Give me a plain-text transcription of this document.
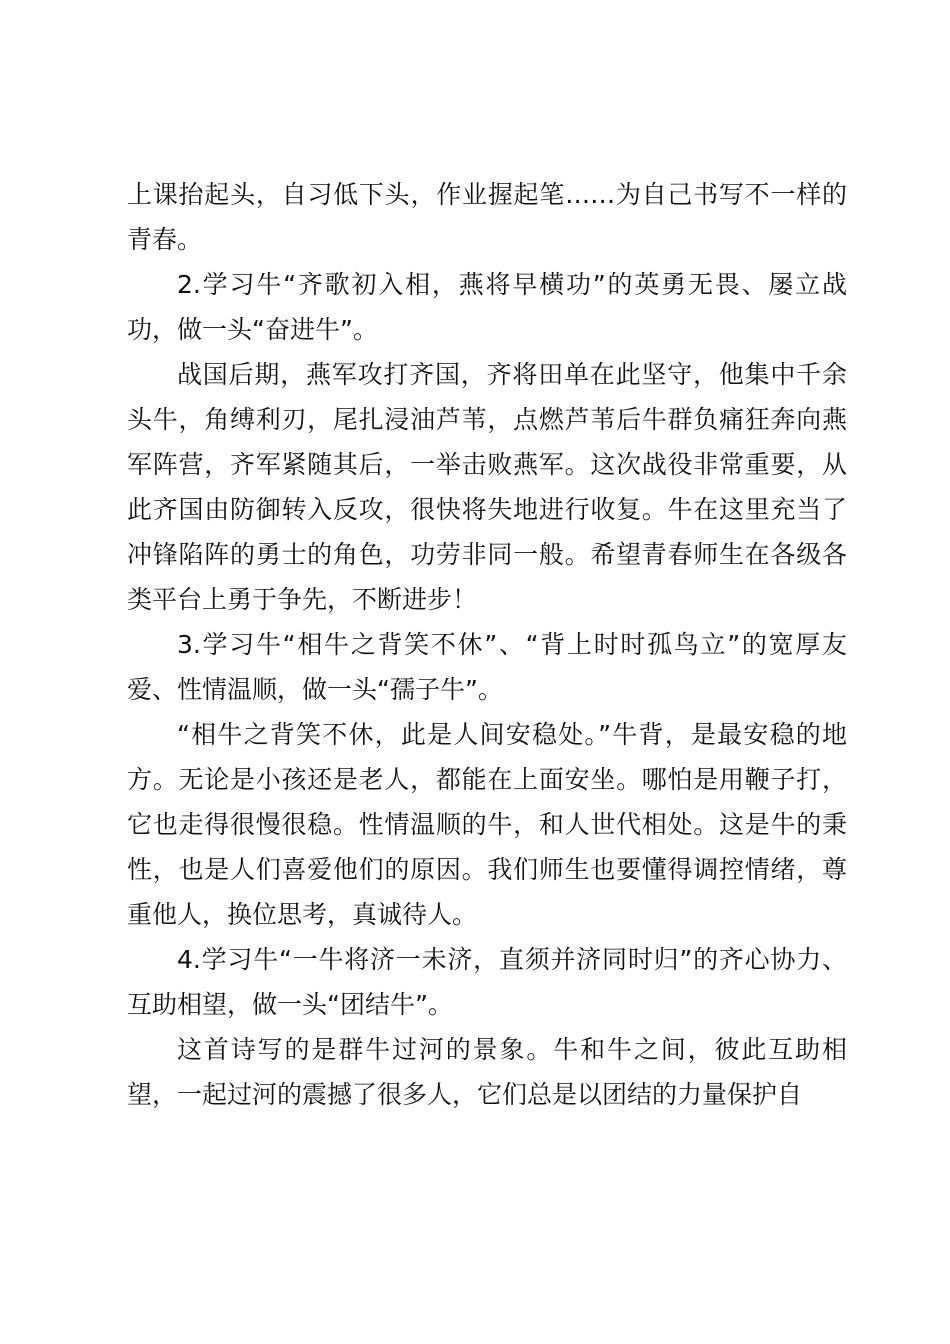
上课抬起头，自习低下头，作业握起笔……为自己书写不一样的青春。

2.学习牛“齐歌初入相，燕将早横功”的英勇无畏、屡立战功，做一头“奋进牛”。

战国后期，燕军攻打齐国，齐将田单在此坚守，他集中千余头牛，角缚利刃，尾扎浸油芦苇，点燃芦苇后牛群负痛狂奔向燕军阵营，齐军紧随其后，一举击败燕军。这次战役非常重要，从此齐国由防御转入反攻，很快将失地进行收复。牛在这里充当了冲锋陷阵的勇士的角色，功劳非同一般。希望青春师生在各级各类平台上勇于争先，不断进步！

3.学习牛“相牛之背笑不休”、“背上时时孤鸟立”的宽厚友爱、性情温顺，做一头“孺子牛”。

“相牛之背笑不休，此是人间安稳处。”牛背，是最安稳的地方。无论是小孩还是老人，都能在上面安坐。哪怕是用鞭子打，它也走得很慢很稳。性情温顺的牛，和人世代相处。这是牛的秉性，也是人们喜爱他们的原因。我们师生也要懂得调控情绪，尊重他人，换位思考，真诚待人。

4.学习牛“一牛将济一未济，直须并济同时归”的齐心协力、互助相望，做一头“团结牛”。

这首诗写的是群牛过河的景象。牛和牛之间，彼此互助相望，一起过河的震撼了很多人，它们总是以团结的力量保护自
